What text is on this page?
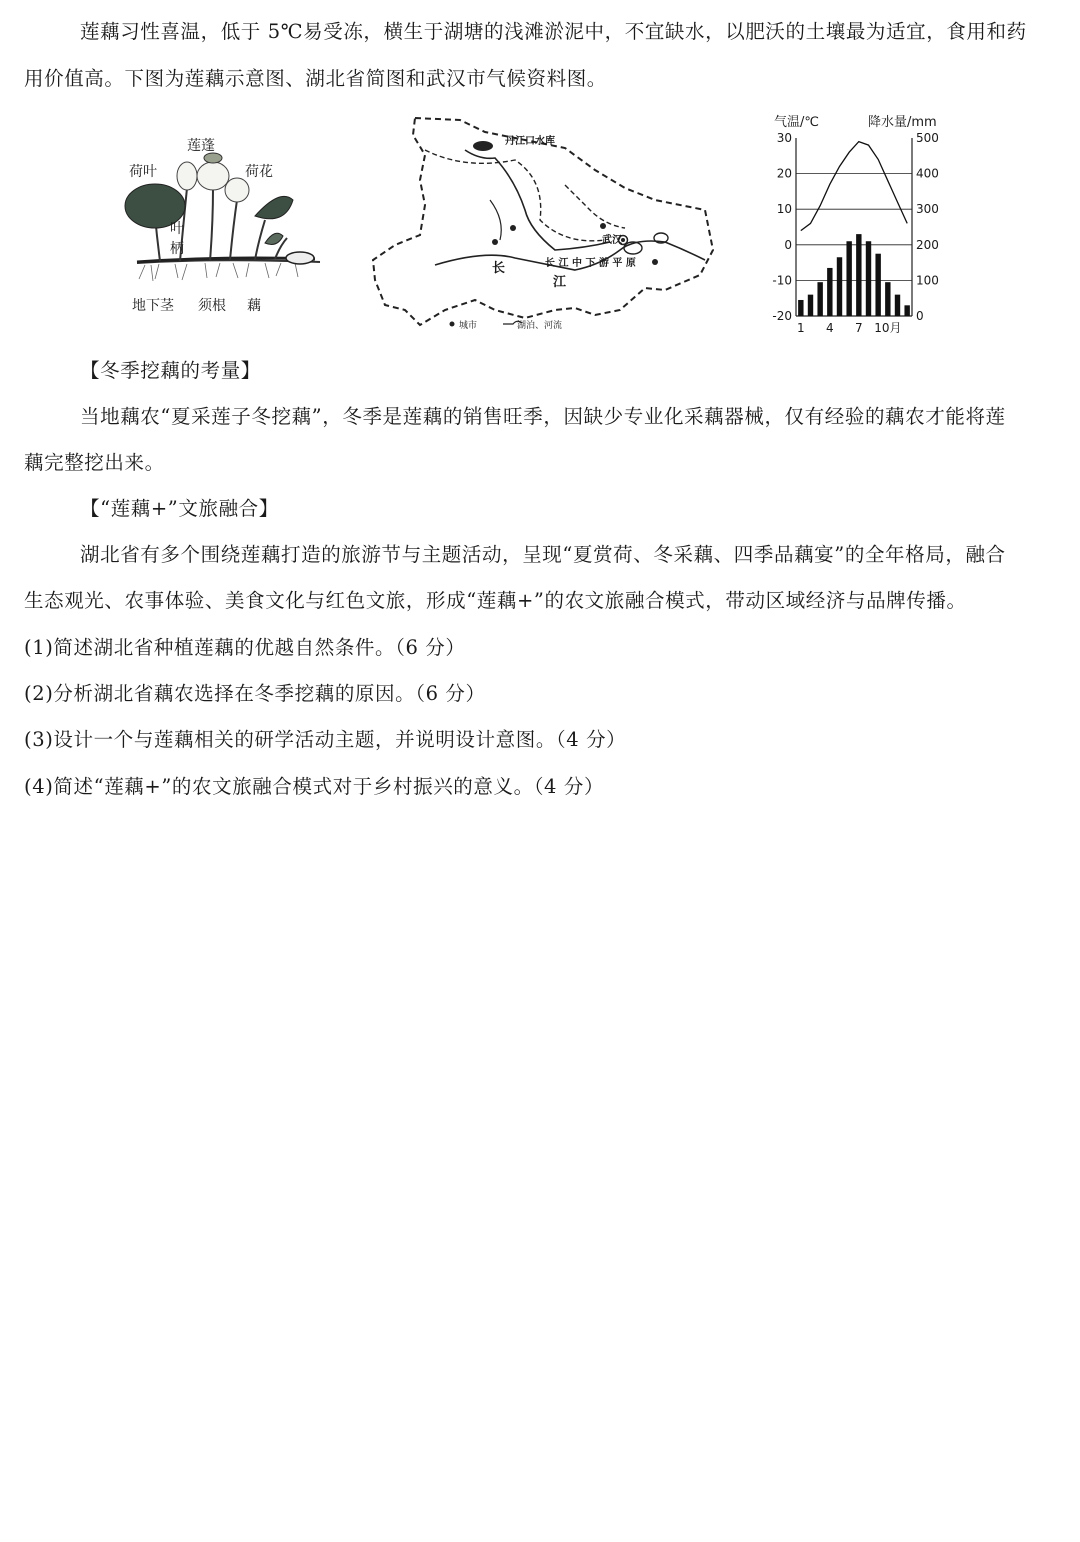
莲藕习性喜温，低于 5℃易受冻，横生于湖塘的浅滩淤泥中，不宜缺水，以肥沃的土壤最为适宜，食用和药

用价值高。下图为莲藕示意图、湖北省简图和武汉市气候资料图。

莲蓬
荷叶	荷花
叶
柄
地下茎 须根 藕
丹江口水库
武汉
长
江
长 江 中 下 游 平 原
城市	湖泊、河流
气温/℃	降水量/mm
30
20
10
0
-10
-20
500
400
300
200
100
0
1 4 7 10月

【冬季挖藕的考量】

当地藕农“夏采莲子冬挖藕”，冬季是莲藕的销售旺季，因缺少专业化采藕器械，仅有经验的藕农才能将莲

藕完整挖出来。

【“莲藕+”文旅融合】

湖北省有多个围绕莲藕打造的旅游节与主题活动，呈现“夏赏荷、冬采藕、四季品藕宴”的全年格局，融合

生态观光、农事体验、美食文化与红色文旅，形成“莲藕+”的农文旅融合模式，带动区域经济与品牌传播。

(1)简述湖北省种植莲藕的优越自然条件。（6 分）

(2)分析湖北省藕农选择在冬季挖藕的原因。（6 分）

(3)设计一个与莲藕相关的研学活动主题，并说明设计意图。（4 分）

(4)简述“莲藕+”的农文旅融合模式对于乡村振兴的意义。（4 分）
